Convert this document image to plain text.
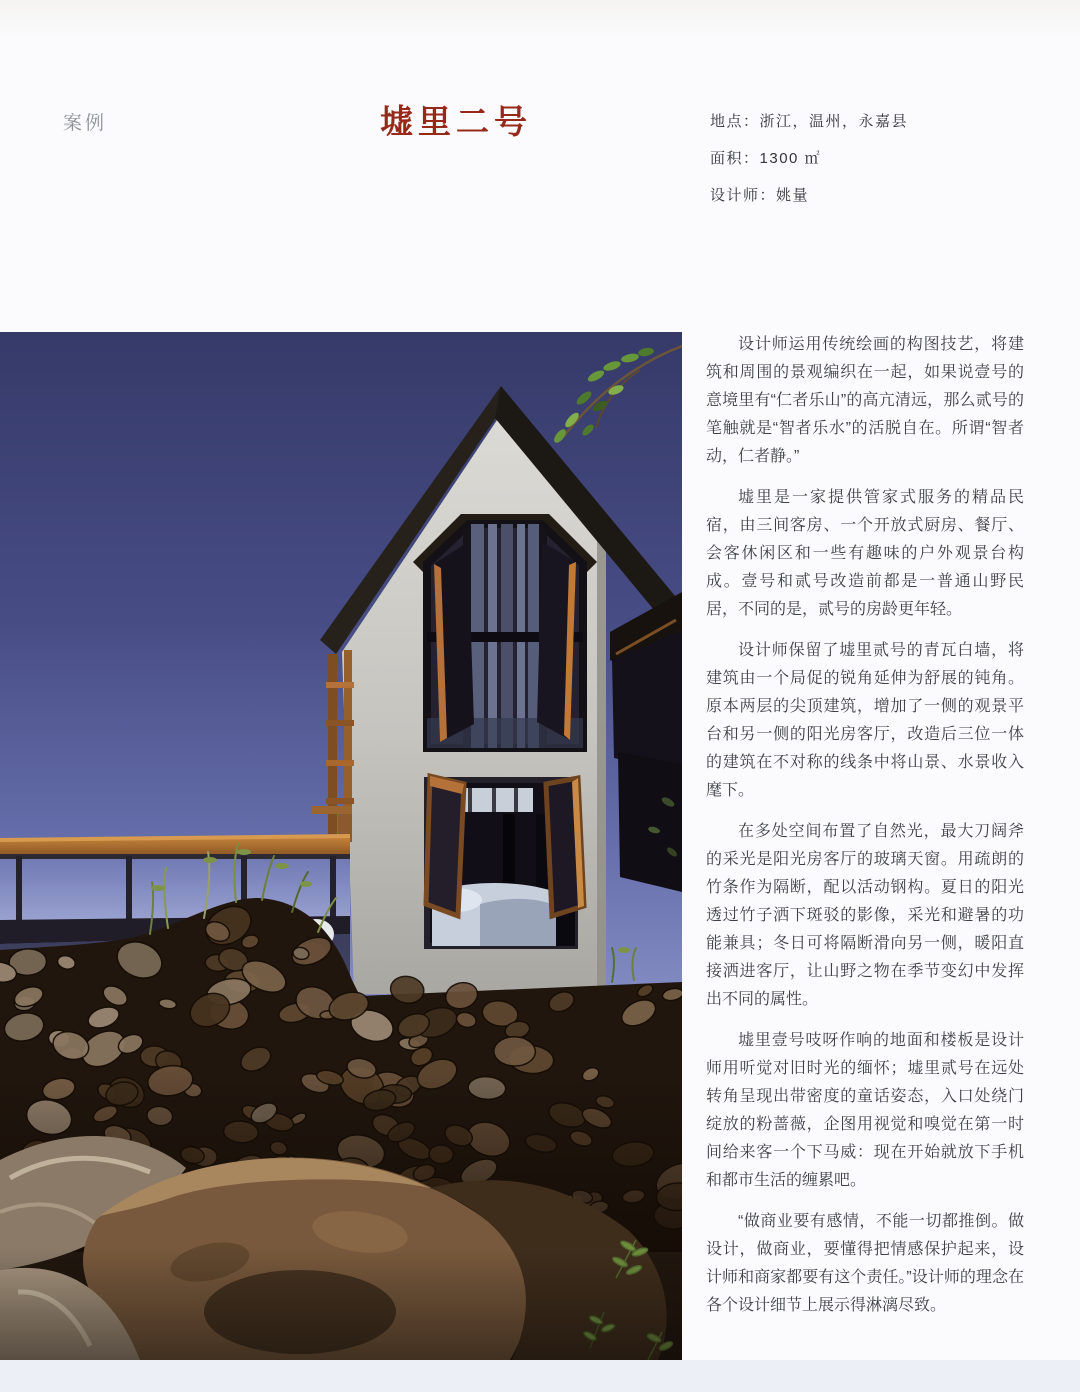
案例	墟里二号	地点：浙江，温州，永嘉县
面积：1300 ㎡
设计师：姚量

设计师运用传统绘画的构图技艺，将建筑和周围的景观编织在一起，如果说壹号的意境里有“仁者乐山”的高亢清远，那么贰号的笔触就是“智者乐水”的活脱自在。所谓“智者动，仁者静。”

墟里是一家提供管家式服务的精品民宿，由三间客房、一个开放式厨房、餐厅、会客休闲区和一些有趣味的户外观景台构成。壹号和贰号改造前都是一普通山野民居，不同的是，贰号的房龄更年轻。

设计师保留了墟里贰号的青瓦白墙，将建筑由一个局促的锐角延伸为舒展的钝角。原本两层的尖顶建筑，增加了一侧的观景平台和另一侧的阳光房客厅，改造后三位一体的建筑在不对称的线条中将山景、水景收入麾下。

在多处空间布置了自然光，最大刀阔斧的采光是阳光房客厅的玻璃天窗。用疏朗的竹条作为隔断，配以活动钢构。夏日的阳光透过竹子洒下斑驳的影像，采光和避暑的功能兼具；冬日可将隔断滑向另一侧，暖阳直接洒进客厅，让山野之物在季节变幻中发挥出不同的属性。

墟里壹号吱呀作响的地面和楼板是设计师用听觉对旧时光的缅怀；墟里贰号在远处转角呈现出带密度的童话姿态，入口处绕门绽放的粉蔷薇，企图用视觉和嗅觉在第一时间给来客一个下马威：现在开始就放下手机和都市生活的缠累吧。

“做商业要有感情，不能一切都推倒。做设计，做商业，要懂得把情感保护起来，设计师和商家都要有这个责任。”设计师的理念在各个设计细节上展示得淋漓尽致。
